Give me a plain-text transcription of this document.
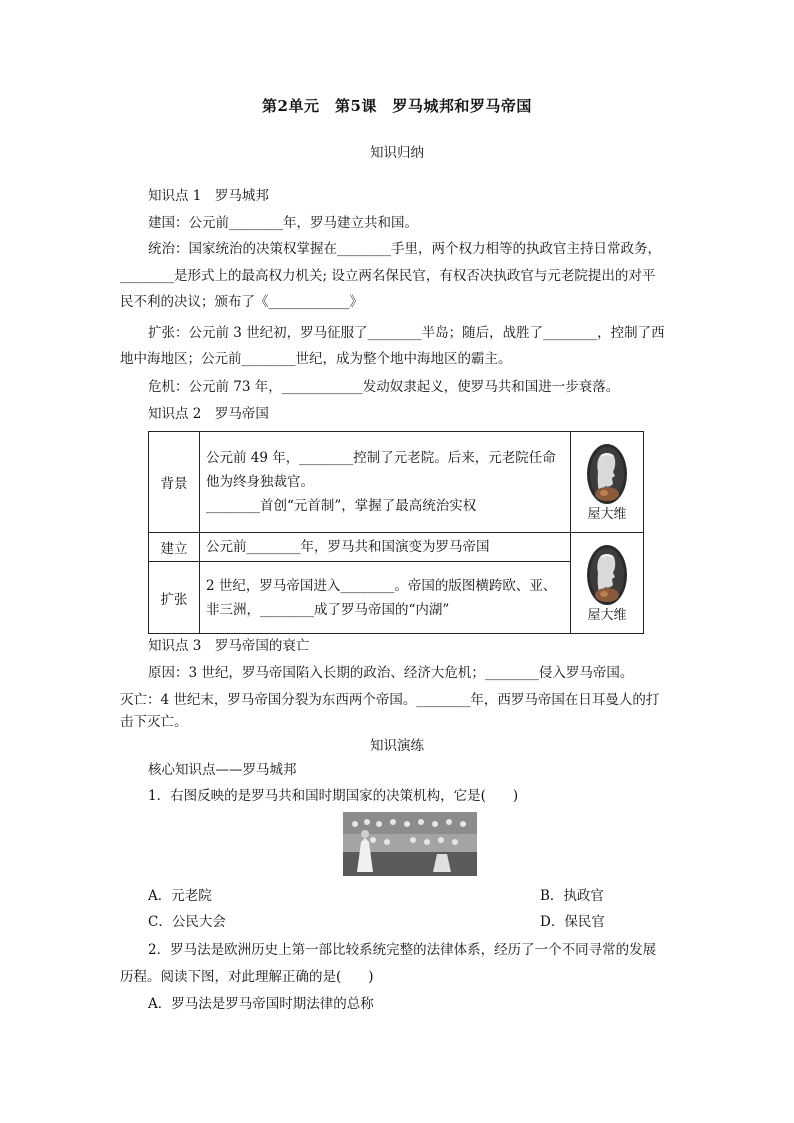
第2单元　第5课　罗马城邦和罗马帝国
知识归纳
知识点 1　罗马城邦
建国：公元前________年，罗马建立共和国。
统治：国家统治的决策权掌握在________手里，两个权力相等的执政官主持日常政务，
________是形式上的最高权力机关; 设立两名保民官，有权否决执政官与元老院提出的对平
民不利的决议；颁布了《____________》
扩张：公元前 3 世纪初，罗马征服了________半岛；随后，战胜了________，控制了西
地中海地区；公元前________世纪，成为整个地中海地区的霸主。
危机：公元前 73 年，____________发动奴隶起义，使罗马共和国进一步衰落。
知识点 2　罗马帝国
背景	公元前 49 年，________控制了元老院。后来，元老院任命
他为终身独裁官。
________首创“元首制”，掌握了最高统治实权	屋大维

建立	公元前________年，罗马共和国演变为罗马帝国	屋大维

扩张	2 世纪，罗马帝国进入________。帝国的版图横跨欧、亚、
非三洲，________成了罗马帝国的“内湖”	
知识点 3　罗马帝国的衰亡
原因：3 世纪，罗马帝国陷入长期的政治、经济大危机；________侵入罗马帝国。
灭亡：4 世纪末，罗马帝国分裂为东西两个帝国。________年，西罗马帝国在日耳曼人的打
击下灭亡。
知识演练
核心知识点——罗马城邦
1．右图反映的是罗马共和国时期国家的决策机构，它是(　　)
A．元老院	B．执政官
C．公民大会	D．保民官
2．罗马法是欧洲历史上第一部比较系统完整的法律体系，经历了一个不同寻常的发展
历程。阅读下图，对此理解正确的是(　　)
A．罗马法是罗马帝国时期法律的总称
